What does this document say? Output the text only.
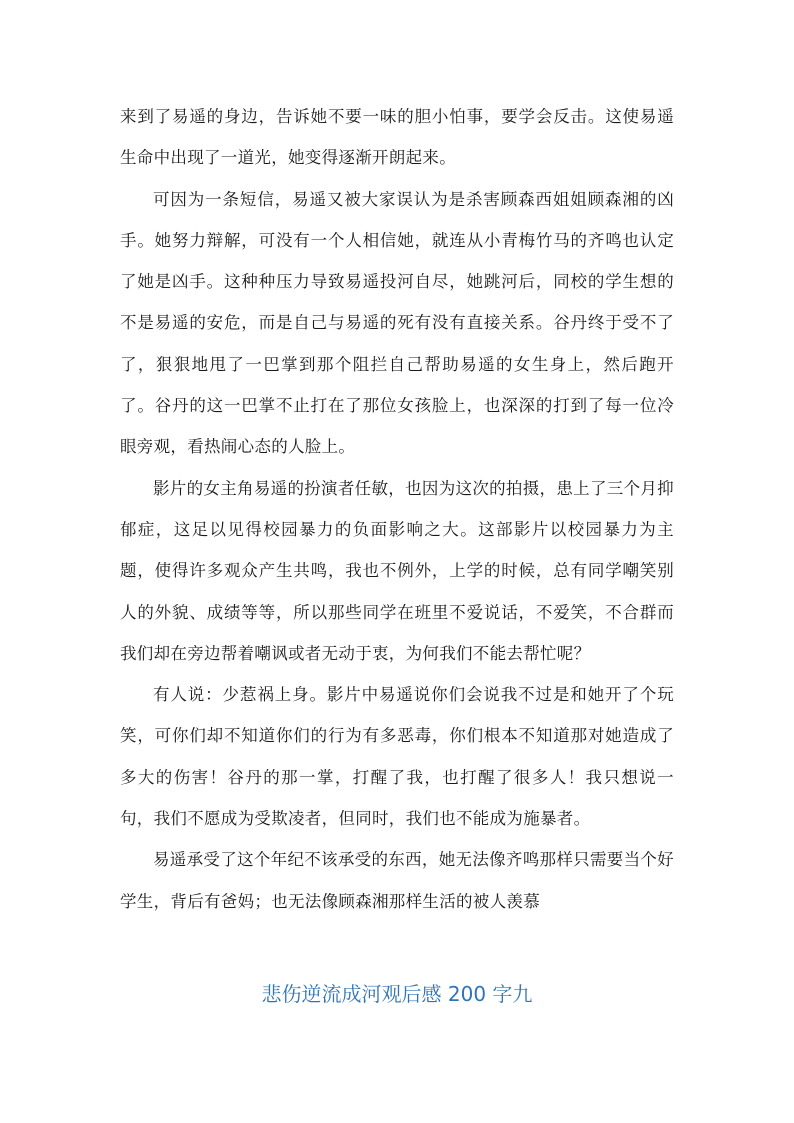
来到了易遥的身边，告诉她不要一味的胆小怕事，要学会反击。这使易遥生命中出现了一道光，她变得逐渐开朗起来。

可因为一条短信，易遥又被大家误认为是杀害顾森西姐姐顾森湘的凶手。她努力辩解，可没有一个人相信她，就连从小青梅竹马的齐鸣也认定了她是凶手。这种种压力导致易遥投河自尽，她跳河后，同校的学生想的不是易遥的安危，而是自己与易遥的死有没有直接关系。谷丹终于受不了了，狠狠地甩了一巴掌到那个阻拦自己帮助易遥的女生身上，然后跑开了。谷丹的这一巴掌不止打在了那位女孩脸上，也深深的打到了每一位冷眼旁观，看热闹心态的人脸上。

影片的女主角易遥的扮演者任敏，也因为这次的拍摄，患上了三个月抑郁症，这足以见得校园暴力的负面影响之大。这部影片以校园暴力为主题，使得许多观众产生共鸣，我也不例外，上学的时候，总有同学嘲笑别人的外貌、成绩等等，所以那些同学在班里不爱说话，不爱笑，不合群而我们却在旁边帮着嘲讽或者无动于衷，为何我们不能去帮忙呢？

有人说：少惹祸上身。影片中易遥说你们会说我不过是和她开了个玩笑，可你们却不知道你们的行为有多恶毒，你们根本不知道那对她造成了多大的伤害！谷丹的那一掌，打醒了我，也打醒了很多人！我只想说一句，我们不愿成为受欺凌者，但同时，我们也不能成为施暴者。

易遥承受了这个年纪不该承受的东西，她无法像齐鸣那样只需要当个好学生，背后有爸妈；也无法像顾森湘那样生活的被人羡慕

悲伤逆流成河观后感 200 字九
